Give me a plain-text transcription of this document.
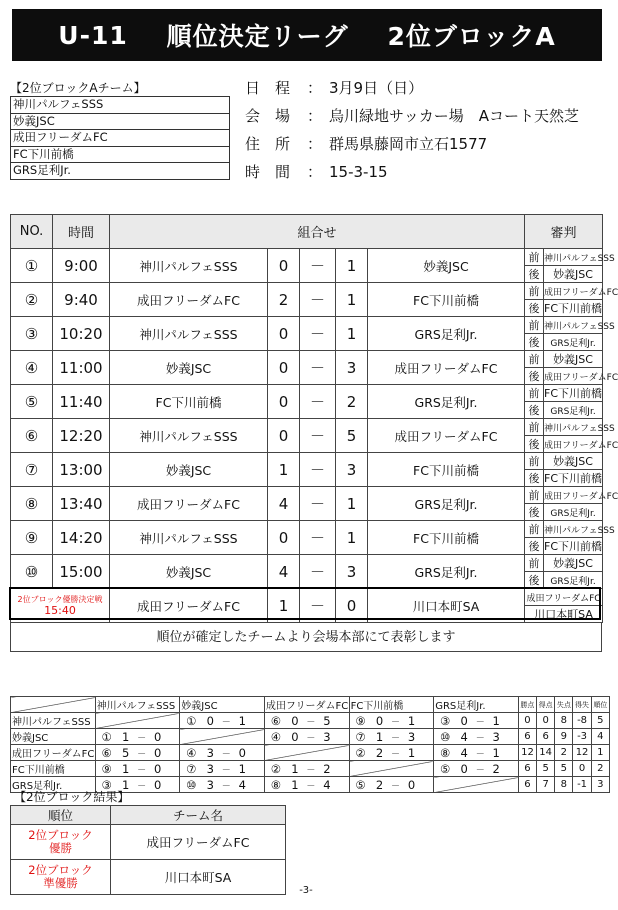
U-11
順位決定リーグ
2位ブロックA
【2位ブロックAチーム】
神川パルフェSSS
妙義JSC
成田フリーダムFC
FC下川前橋
GRS足利Jr.
日　程	： 3月9日（日）
会　場	： 烏川緑地サッカー場　Aコート天然芝
住　所	： 群馬県藤岡市立石1577
時　間	： 15-3-15
NO.	時間	組合せ					審判	
①	9:00	神川パルフェSSS	0	－	1	妙義JSC	前	神川パルフェSSS
							後	妙義JSC
②	9:40	成田フリーダムFC	2	－	1	FC下川前橋	前	成田フリーダムFC
							後	FC下川前橋
③	10:20	神川パルフェSSS	0	－	1	GRS足利Jr.	前	神川パルフェSSS
							後	GRS足利Jr.
④	11:00	妙義JSC	0	－	3	成田フリーダムFC	前	妙義JSC
							後	成田フリーダムFC
⑤	11:40	FC下川前橋	0	－	2	GRS足利Jr.	前	FC下川前橋
							後	GRS足利Jr.
⑥	12:20	神川パルフェSSS	0	－	5	成田フリーダムFC	前	神川パルフェSSS
							後	成田フリーダムFC
⑦	13:00	妙義JSC	1	－	3	FC下川前橋	前	妙義JSC
							後	FC下川前橋
⑧	13:40	成田フリーダムFC	4	－	1	GRS足利Jr.	前	成田フリーダムFC
							後	GRS足利Jr.
⑨	14:20	神川パルフェSSS	0	－	1	FC下川前橋	前	神川パルフェSSS
							後	FC下川前橋
⑩	15:00	妙義JSC	4	－	3	GRS足利Jr.	前	妙義JSC
							後	GRS足利Jr.

2位ブロック優勝決定戦
15:40		成田フリーダムFC	1	－	0	川口本町SA	成田フリーダムFC	
							川口本町SA	
順位が確定したチームより会場本部にて表彰します
	神川パルフェSSS	妙義JSC	成田フリーダムFC	FC下川前橋	GRS足利Jr.	勝点	得点	失点	得失	順位
神川パルフェSSS		① 0 － 1	⑥ 0 － 5	⑨ 0 － 1	③ 0 － 1	0	0	8	-8	5
妙義JSC	① 1 － 0		④ 0 － 3	⑦ 1 － 3	⑩ 4 － 3	6	6	9	-3	4
成田フリーダムFC	⑥ 5 － 0	④ 3 － 0		② 2 － 1	⑧ 4 － 1	12	14	2	12	1
FC下川前橋	⑨ 1 － 0	⑦ 3 － 1	② 1 － 2		⑤ 0 － 2	6	5	5	0	2
GRS足利Jr.	③ 1 － 0	⑩ 3 － 4	⑧ 1 － 4	⑤ 2 － 0		6	7	8	-1	3
【2位ブロック結果】
順位	チーム名
2位ブロック
優勝	成田フリーダムFC
2位ブロック
準優勝	川口本町SA
-3-
